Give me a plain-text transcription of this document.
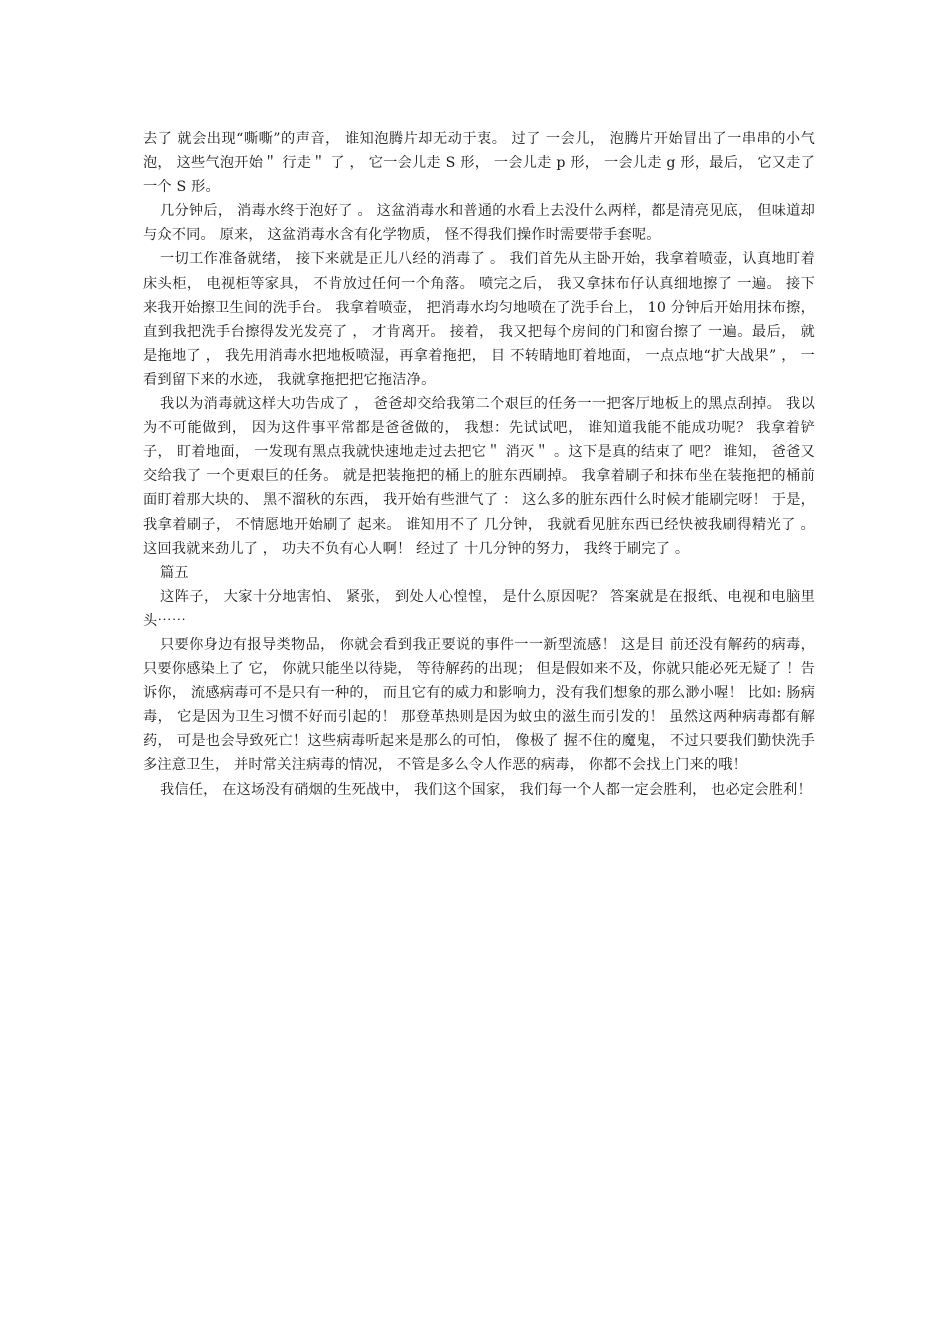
去了 就会出现“嘶嘶”的声音， 谁知泡腾片却无动于衷。 过了 一会儿， 泡腾片开始冒出了一串串的小气泡， 这些气泡开始＂ 行走＂ 了 ， 它一会儿走 S 形， 一会儿走 p 形， 一会儿走 g 形，最后， 它又走了 一个 S 形。

几分钟后， 消毒水终于泡好了 。 这盆消毒水和普通的水看上去没什么两样，都是清亮见底， 但味道却与众不同。 原来， 这盆消毒水含有化学物质， 怪不得我们操作时需要带手套呢。

一切工作准备就绪， 接下来就是正儿八经的消毒了 。 我们首先从主卧开始，我拿着喷壶，认真地盯着床头柜， 电视柜等家具， 不肯放过任何一个角落。 喷完之后， 我又拿抹布仔认真细地擦了 一遍。 接下来我开始擦卫生间的洗手台。 我拿着喷壶， 把消毒水均匀地喷在了洗手台上， 10 分钟后开始用抹布擦， 直到我把洗手台擦得发光发亮了 ， 才肯离开。 接着， 我又把每个房间的门和窗台擦了 一遍。最后， 就是拖地了 ， 我先用消毒水把地板喷湿，再拿着拖把， 目 不转睛地盯着地面， 一点点地“扩大战果” ， 一看到留下来的水迹， 我就拿拖把把它拖洁净。

我以为消毒就这样大功告成了 ， 爸爸却交给我第二个艰巨的任务一一把客厅地板上的黑点刮掉。 我以为不可能做到， 因为这件事平常都是爸爸做的， 我想：先试试吧， 谁知道我能不能成功呢？ 我拿着铲子， 盯着地面， 一发现有黑点我就快速地走过去把它＂ 消灭＂ 。这下是真的结束了 吧？ 谁知， 爸爸又交给我了 一个更艰巨的任务。 就是把装拖把的桶上的脏东西刷掉。 我拿着刷子和抹布坐在装拖把的桶前面盯着那大块的、 黑不溜秋的东西， 我开始有些泄气了 ： 这么多的脏东西什么时候才能刷完呀！ 于是， 我拿着刷子， 不情愿地开始刷了 起来。 谁知用不了 几分钟， 我就看见脏东西已经快被我刷得精光了 。 这回我就来劲儿了 ， 功夫不负有心人啊！ 经过了 十几分钟的努力， 我终于刷完了 。

篇五

这阵子， 大家十分地害怕、 紧张， 到处人心惶惶， 是什么原因呢？ 答案就是在报纸、电视和电脑里头⋯⋯

只要你身边有报导类物品， 你就会看到我正要说的事件一一新型流感！ 这是目 前还没有解药的病毒， 只要你感染上了 它， 你就只能坐以待毙， 等待解药的出现； 但是假如来不及，你就只能必死无疑了 ！告诉你， 流感病毒可不是只有一种的， 而且它有的威力和影响力，没有我们想象的那么渺小喔！ 比如: 肠病毒， 它是因为卫生习惯不好而引起的！ 那登革热则是因为蚊虫的滋生而引发的！ 虽然这两种病毒都有解药， 可是也会导致死亡！这些病毒听起来是那么的可怕， 像极了 握不住的魔鬼， 不过只要我们勤快洗手多注意卫生， 并时常关注病毒的情况， 不管是多么令人作恶的病毒， 你都不会找上门来的哦！

我信任， 在这场没有硝烟的生死战中， 我们这个国家， 我们每一个人都一定会胜利， 也必定会胜利！
